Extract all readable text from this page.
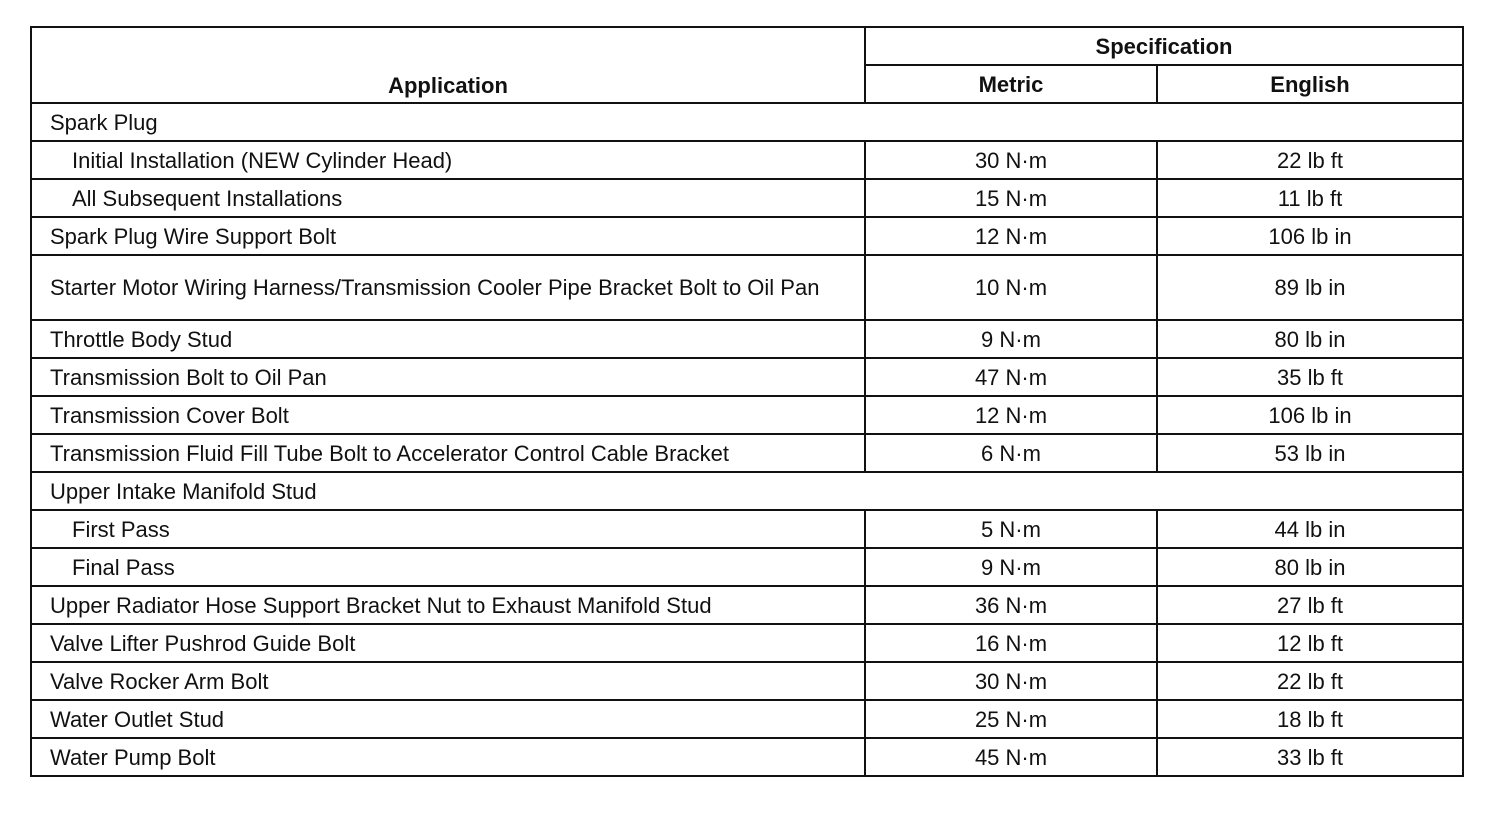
Application	Specification	
	Metric	English
Spark Plug		
Initial Installation (NEW Cylinder Head)	30 N·m	22 lb ft
All Subsequent Installations	15 N·m	11 lb ft
Spark Plug Wire Support Bolt	12 N·m	106 lb in
Starter Motor Wiring Harness/Transmission Cooler Pipe Bracket Bolt to Oil Pan	10 N·m	89 lb in
Throttle Body Stud	9 N·m	80 lb in
Transmission Bolt to Oil Pan	47 N·m	35 lb ft
Transmission Cover Bolt	12 N·m	106 lb in
Transmission Fluid Fill Tube Bolt to Accelerator Control Cable Bracket	6 N·m	53 lb in
Upper Intake Manifold Stud		
First Pass	5 N·m	44 lb in
Final Pass	9 N·m	80 lb in
Upper Radiator Hose Support Bracket Nut to Exhaust Manifold Stud	36 N·m	27 lb ft
Valve Lifter Pushrod Guide Bolt	16 N·m	12 lb ft
Valve Rocker Arm Bolt	30 N·m	22 lb ft
Water Outlet Stud	25 N·m	18 lb ft
Water Pump Bolt	45 N·m	33 lb ft
